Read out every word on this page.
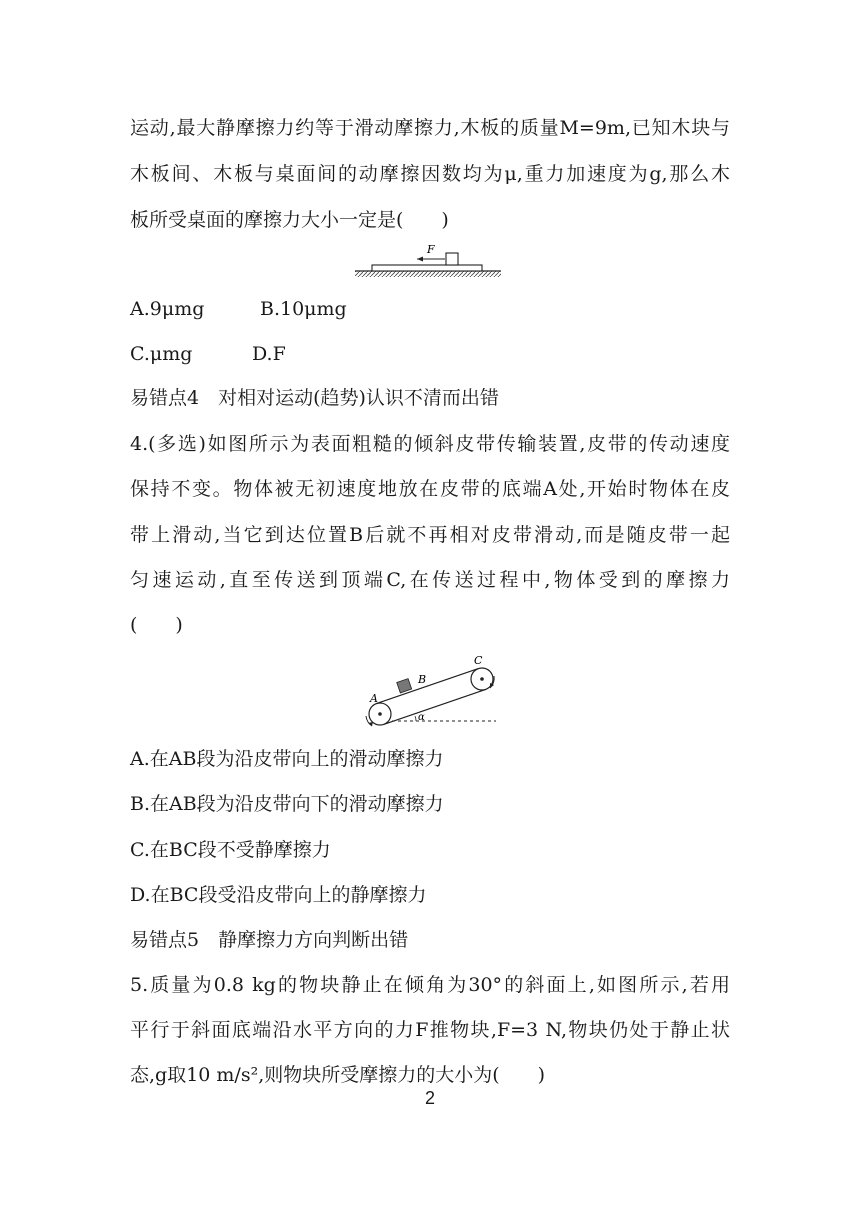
运动,最大静摩擦力约等于滑动摩擦力,木板的质量M=9m,已知木块与
木板间、木板与桌面间的动摩擦因数均为μ,重力加速度为g,那么木
板所受桌面的摩擦力大小一定是(　　)
F
A.9μmg	B.10μmg
C.μmg	D.F
易错点4　对相对运动(趋势)认识不清而出错
4.(多选)如图所示为表面粗糙的倾斜皮带传输装置,皮带的传动速度
保持不变。物体被无初速度地放在皮带的底端A处,开始时物体在皮
带上滑动,当它到达位置B后就不再相对皮带滑动,而是随皮带一起
匀速运动,直至传送到顶端C,在传送过程中,物体受到的摩擦力
(　　)
A
B
C
α
A.在AB段为沿皮带向上的滑动摩擦力
B.在AB段为沿皮带向下的滑动摩擦力
C.在BC段不受静摩擦力
D.在BC段受沿皮带向上的静摩擦力
易错点5　静摩擦力方向判断出错
5.质量为0.8 kg的物块静止在倾角为30°的斜面上,如图所示,若用
平行于斜面底端沿水平方向的力F推物块,F=3 N,物块仍处于静止状
态,g取10 m/s²,则物块所受摩擦力的大小为(　　)
2
